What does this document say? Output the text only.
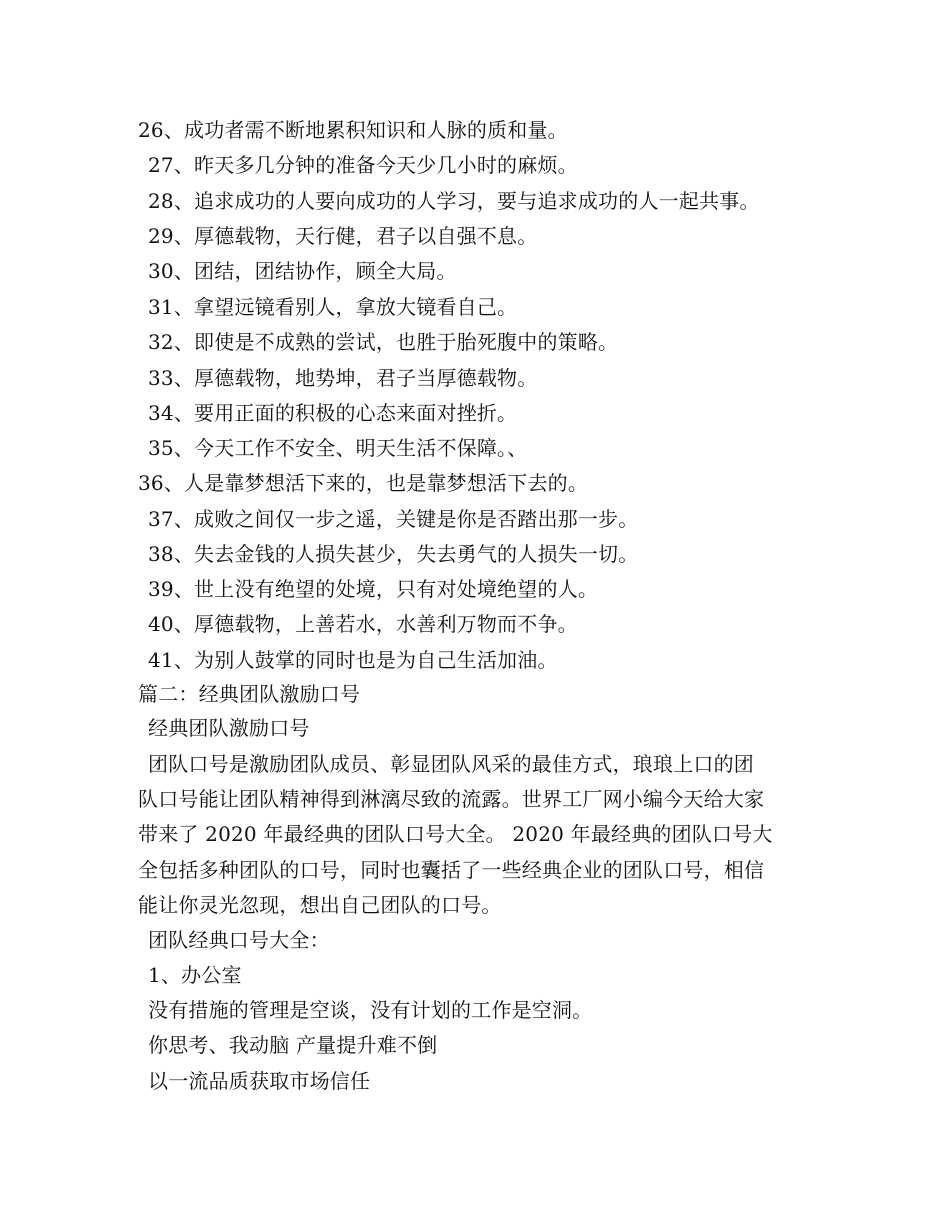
26、成功者需不断地累积知识和人脉的质和量。
27、昨天多几分钟的准备今天少几小时的麻烦。
28、追求成功的人要向成功的人学习，要与追求成功的人一起共事。
29、厚德载物，天行健，君子以自强不息。
30、团结，团结协作，顾全大局。
31、拿望远镜看别人，拿放大镜看自己。
32、即使是不成熟的尝试，也胜于胎死腹中的策略。
33、厚德载物，地势坤，君子当厚德载物。
34、要用正面的积极的心态来面对挫折。
35、今天工作不安全、明天生活不保障。、
36、人是靠梦想活下来的，也是靠梦想活下去的。
37、成败之间仅一步之遥，关键是你是否踏出那一步。
38、失去金钱的人损失甚少，失去勇气的人损失一切。
39、世上没有绝望的处境，只有对处境绝望的人。
40、厚德载物，上善若水，水善利万物而不争。
41、为别人鼓掌的同时也是为自己生活加油。
篇二：经典团队激励口号
经典团队激励口号
团队口号是激励团队成员、彰显团队风采的最佳方式，琅琅上口的团
队口号能让团队精神得到淋漓尽致的流露。世界工厂网小编今天给大家
带来了 2020 年最经典的团队口号大全。 2020 年最经典的团队口号大
全包括多种团队的口号，同时也囊括了一些经典企业的团队口号，相信
能让你灵光忽现，想出自己团队的口号。
团队经典口号大全：
1、办公室
没有措施的管理是空谈，没有计划的工作是空洞。
你思考、我动脑 产量提升难不倒
以一流品质获取市场信任
